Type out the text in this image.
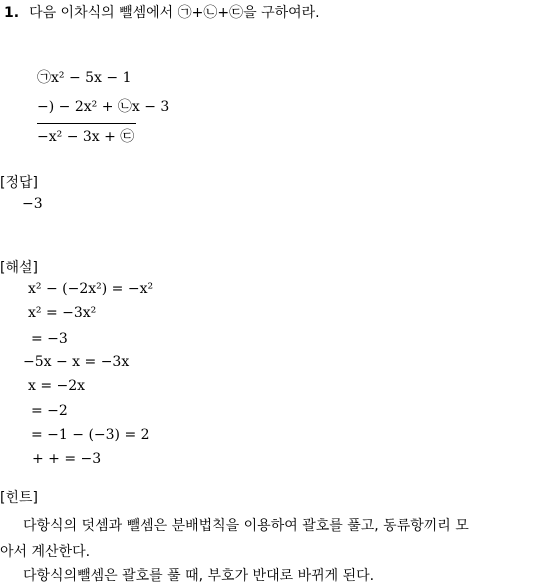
1. 다음 이차식의 뺄셈에서 ㉠+㉡+㉢을 구하여라.
㉠x² − 5x − 1
−) − 2x² + ㉡x − 3
−x² − 3x + ㉢
[정답]
−3
[해설]
x² − (−2x²) = −x²
x² = −3x²
= −3
−5x − x = −3x
x = −2x
= −2
= −1 − (−3) = 2
+ + = −3
[힌트]
다항식의 덧셈과 뺄셈은 분배법칙을 이용하여 괄호를 풀고, 동류항끼리 모
아서 계산한다.
다항식의뺄셈은 괄호를 풀 때, 부호가 반대로 바뀌게 된다.
